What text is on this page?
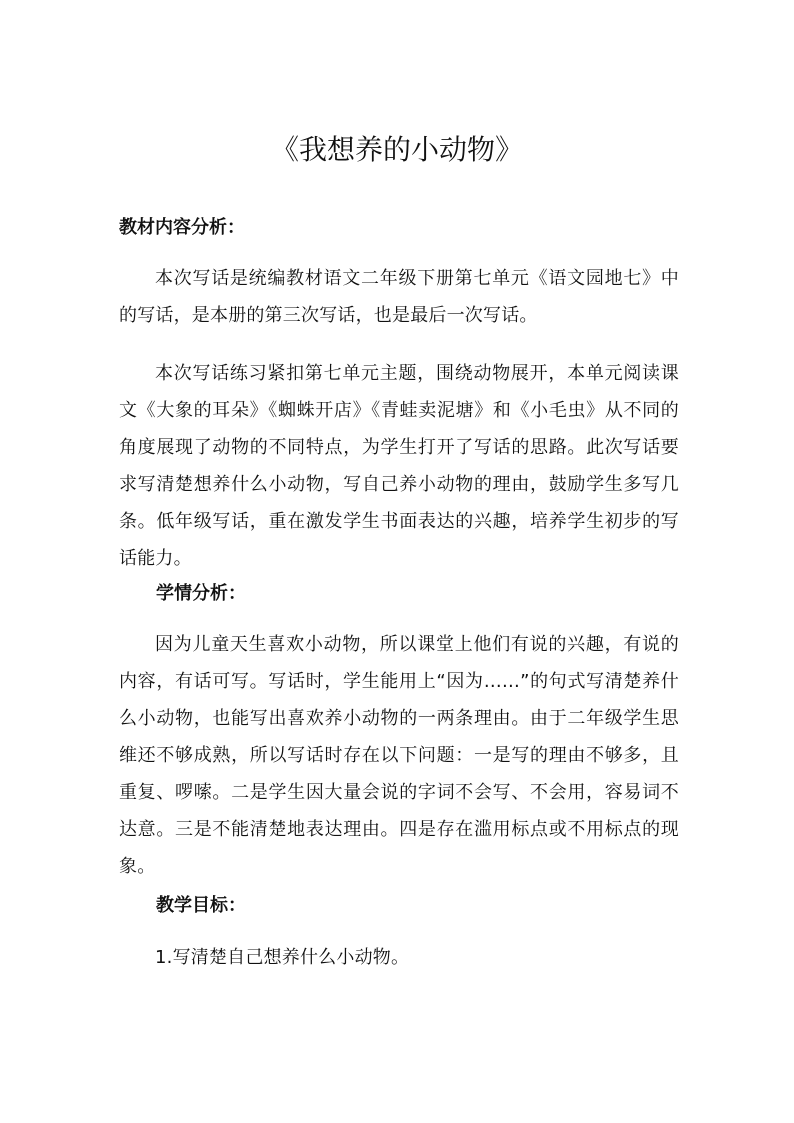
《我想养的小动物》
教材内容分析：
本次写话是统编教材语文二年级下册第七单元《语文园地七》中的写话，是本册的第三次写话，也是最后一次写话。
本次写话练习紧扣第七单元主题，围绕动物展开，本单元阅读课文《大象的耳朵》《蜘蛛开店》《青蛙卖泥塘》和《小毛虫》从不同的角度展现了动物的不同特点，为学生打开了写话的思路。此次写话要求写清楚想养什么小动物，写自己养小动物的理由，鼓励学生多写几条。低年级写话，重在激发学生书面表达的兴趣，培养学生初步的写话能力。
学情分析：
因为儿童天生喜欢小动物，所以课堂上他们有说的兴趣，有说的内容，有话可写。写话时，学生能用上“因为……”的句式写清楚养什么小动物，也能写出喜欢养小动物的一两条理由。由于二年级学生思维还不够成熟，所以写话时存在以下问题：一是写的理由不够多，且重复、啰嗦。二是学生因大量会说的字词不会写、不会用，容易词不达意。三是不能清楚地表达理由。四是存在滥用标点或不用标点的现象。
教学目标：
1.写清楚自己想养什么小动物。
